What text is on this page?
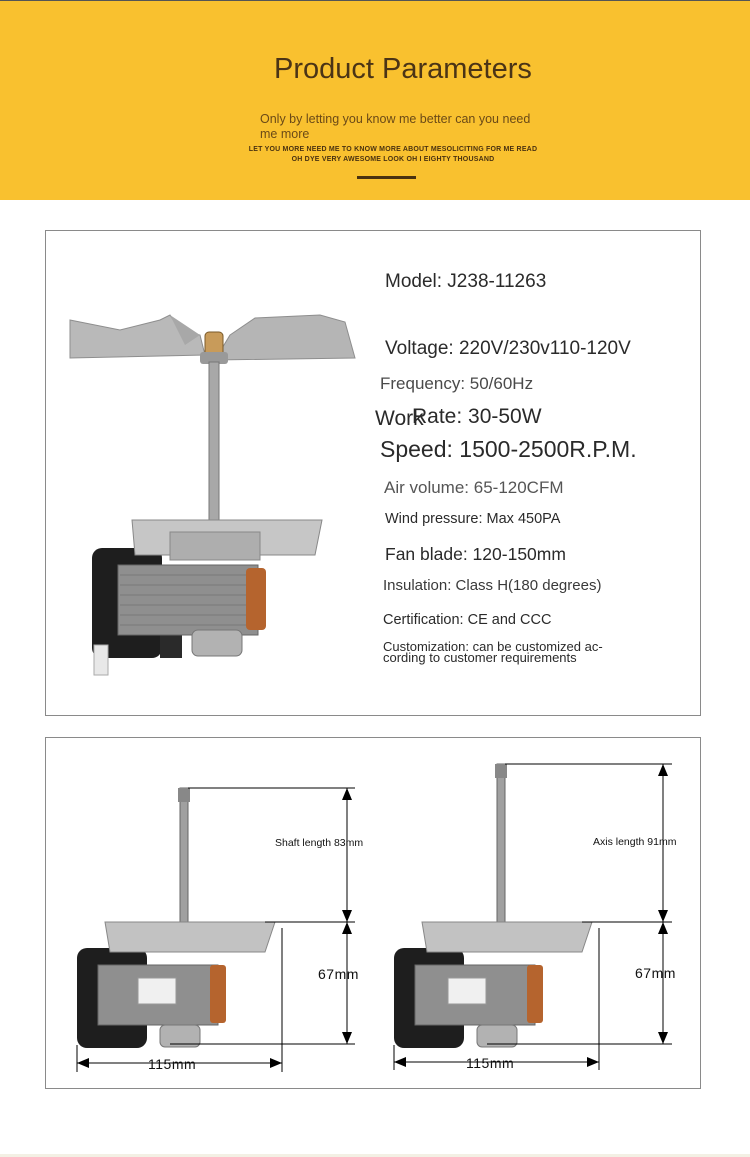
Product Parameters
Only by letting you know me better can you need me more
LET YOU MORE NEED ME TO KNOW MORE ABOUT MESOLICITING FOR ME READ
OH DYE VERY AWESOME LOOK OH I EIGHTY THOUSAND
Model: J238-11263
Voltage: 220V/230v110-120V
Frequency: 50/60Hz
Work
Rate: 30-50W
Speed: 1500-2500R.P.M.
Air volume: 65-120CFM
Wind pressure: Max 450PA
Fan blade: 120-150mm
Insulation: Class H(180 degrees)
Certification: CE and CCC
Customization: can be customized ac-
cording to customer requirements
Shaft length 83mm
67mm
115mm
Axis length 91mm
67mm
115mm
